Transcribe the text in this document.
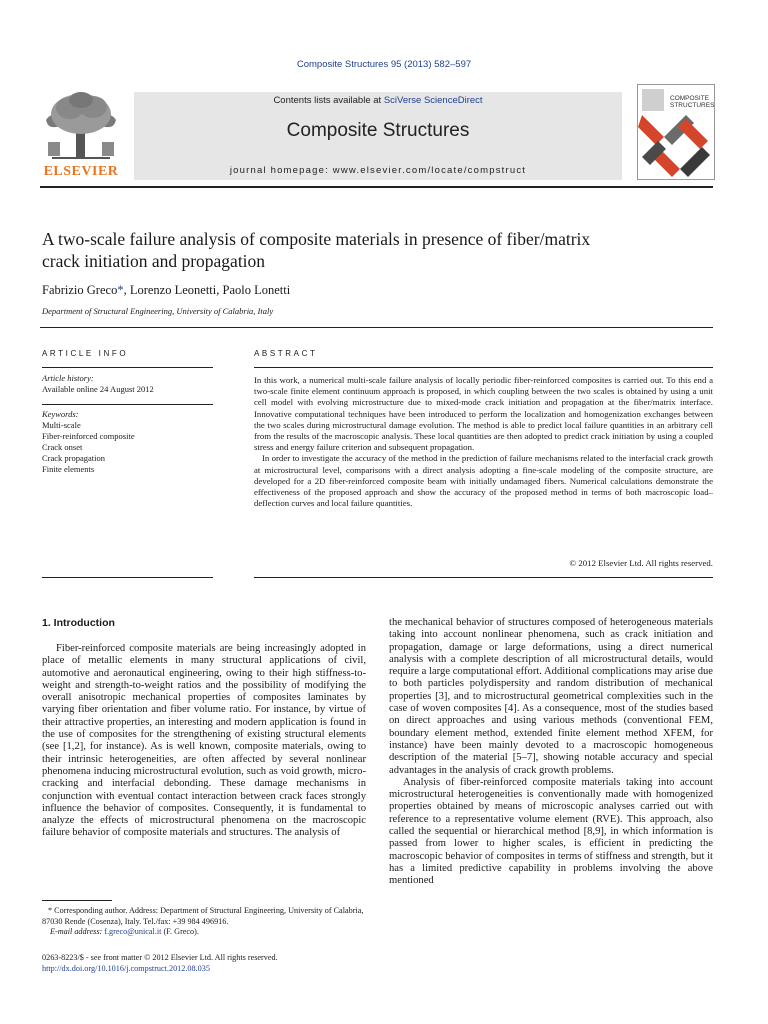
Composite Structures 95 (2013) 582–597
Contents lists available at SciVerse ScienceDirect
Composite Structures
journal homepage: www.elsevier.com/locate/compstruct
ELSEVIER
COMPOSITE
STRUCTURES
A two-scale failure analysis of composite materials in presence of fiber/matrix
crack initiation and propagation
Fabrizio Greco*, Lorenzo Leonetti, Paolo Lonetti
Department of Structural Engineering, University of Calabria, Italy
ARTICLE INFO
Article history:
Available online 24 August 2012
Keywords:
Multi-scale
Fiber-reinforced composite
Crack onset
Crack propagation
Finite elements
ABSTRACT

In this work, a numerical multi-scale failure analysis of locally periodic fiber-reinforced composites is carried out. To this end a two-scale finite element continuum approach is proposed, in which coupling between the two scales is obtained by using a unit cell model with evolving microstructure due to mixed-mode crack initiation and propagation at the fiber/matrix interface. Innovative computational techniques have been introduced to perform the localization and homogenization exchanges between the two scales during microstructural damage evolution. The method is able to predict local failure quantities in an arbitrary cell from the results of the macroscopic analysis. These local quantities are then adopted to predict crack initiation by using a coupled stress and energy failure criterion and subsequent propagation.

In order to investigate the accuracy of the method in the prediction of failure mechanisms related to the interfacial crack growth at microstructural level, comparisons with a direct analysis adopting a fine-scale modeling of the composite structure, are developed for a 2D fiber-reinforced composite beam with initially undamaged fibers. Numerical calculations demonstrate the effectiveness of the proposed approach and show the accuracy of the proposed method in terms of both macroscopic load–deflection curves and local failure quantities.

© 2012 Elsevier Ltd. All rights reserved.
1. Introduction

Fiber-reinforced composite materials are being increasingly adopted in place of metallic elements in many structural applications of civil, automotive and aeronautical engineering, owing to their high stiffness-to-weight and strength-to-weight ratios and the possibility of modifying the overall anisotropic mechanical properties of composites laminates by varying fiber orientation and fiber volume ratio. For instance, by virtue of their attractive properties, an interesting and modern application is found in the use of composites for the strengthening of existing structural elements (see [1,2], for instance). As is well known, composite materials, owing to their intrinsic heterogeneities, are often affected by several nonlinear phenomena inducing microstructural evolution, such as void growth, micro-cracking and interfacial debonding. These damage mechanisms in conjunction with eventual contact interaction between crack faces strongly influence the behavior of composites. Consequently, it is fundamental to analyze the effects of microstructural phenomena on the macroscopic failure behavior of composite materials and structures. The analysis of

the mechanical behavior of structures composed of heterogeneous materials taking into account nonlinear phenomena, such as crack initiation and propagation, damage or large deformations, using a direct numerical analysis with a complete description of all microstructural details, would require a large computational effort. Additional complications may arise due to both particles polydispersity and random distribution of mechanical properties [3], and to microstructural geometrical complexities such in the case of woven composites [4]. As a consequence, most of the studies based on direct approaches and using various methods (conventional FEM, boundary element method, extended finite element method XFEM, for instance) have been mainly devoted to a macroscopic homogeneous description of the material [5–7], showing notable accuracy and special advantages in the analysis of crack growth problems.

Analysis of fiber-reinforced composite materials taking into account microstructural heterogeneities is conventionally made with homogenized properties obtained by means of microscopic analyses carried out with reference to a representative volume element (RVE). This approach, also called the sequential or hierarchical method [8,9], in which information is passed from lower to higher scales, is efficient in predicting the macroscopic behavior of composites in terms of stiffness and strength, but it has a limited predictive capability in problems involving the above mentioned

* Corresponding author. Address: Department of Structural Engineering, University of Calabria, 87030 Rende (Cosenza), Italy. Tel./fax: +39 984 496916.
E-mail address: f.greco@unical.it (F. Greco).
0263-8223/$ - see front matter © 2012 Elsevier Ltd. All rights reserved.
http://dx.doi.org/10.1016/j.compstruct.2012.08.035
